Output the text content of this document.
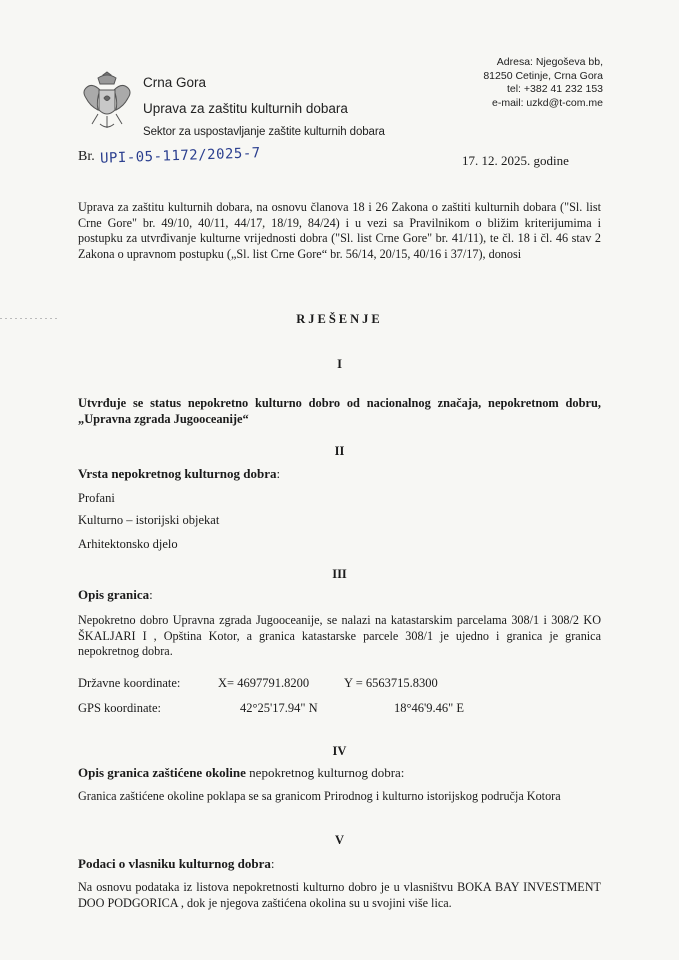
Crna Gora
Uprava za zaštitu kulturnih dobara
Sektor za uspostavljanje zaštite kulturnih dobara
Adresa: Njegoševa bb,
81250 Cetinje, Crna Gora
tel: +382 41 232 153
e-mail: uzkd@t-com.me
Br. UPI-05-1172/2025-7	17. 12. 2025. godine
Uprava za zaštitu kulturnih dobara, na osnovu članova 18 i 26 Zakona o zaštiti kulturnih dobara ("Sl. list Crne Gore" br. 49/10, 40/11, 44/17, 18/19, 84/24) i u vezi sa Pravilnikom o bližim kriterijumima i postupku za utvrđivanje kulturne vrijednosti dobra ("Sl. list Crne Gore" br. 41/11), te čl. 18 i čl. 46 stav 2 Zakona o upravnom postupku („Sl. list Crne Gore“ br. 56/14, 20/15, 40/16 i 37/17), donosi
RJEŠENJE
I
Utvrđuje se status nepokretno kulturno dobro od nacionalnog značaja, nepokretnom dobru, „Upravna zgrada Jugooceanije“
II
Vrsta nepokretnog kulturnog dobra:
Profani
Kulturno – istorijski objekat
Arhitektonsko djelo
III
Opis granica:
Nepokretno dobro Upravna zgrada Jugooceanije, se nalazi na katastarskim parcelama 308/1 i 308/2 KO ŠKALJARI I , Opština Kotor, a granica katastarske parcele 308/1 je ujedno i granica je granica nepokretnog dobra.
Državne koordinate:	X= 4697791.8200	Y = 6563715.8300
GPS koordinate:	42°25'17.94" N	18°46'9.46" E
IV
Opis granica zaštićene okoline nepokretnog kulturnog dobra:
Granica zaštićene okoline poklapa se sa granicom Prirodnog i kulturno istorijskog područja Kotora
V
Podaci o vlasniku kulturnog dobra:
Na osnovu podataka iz listova nepokretnosti kulturno dobro je u vlasništvu BOKA BAY INVESTMENT DOO PODGORICA , dok je njegova zaštićena okolina su u svojini više lica.
